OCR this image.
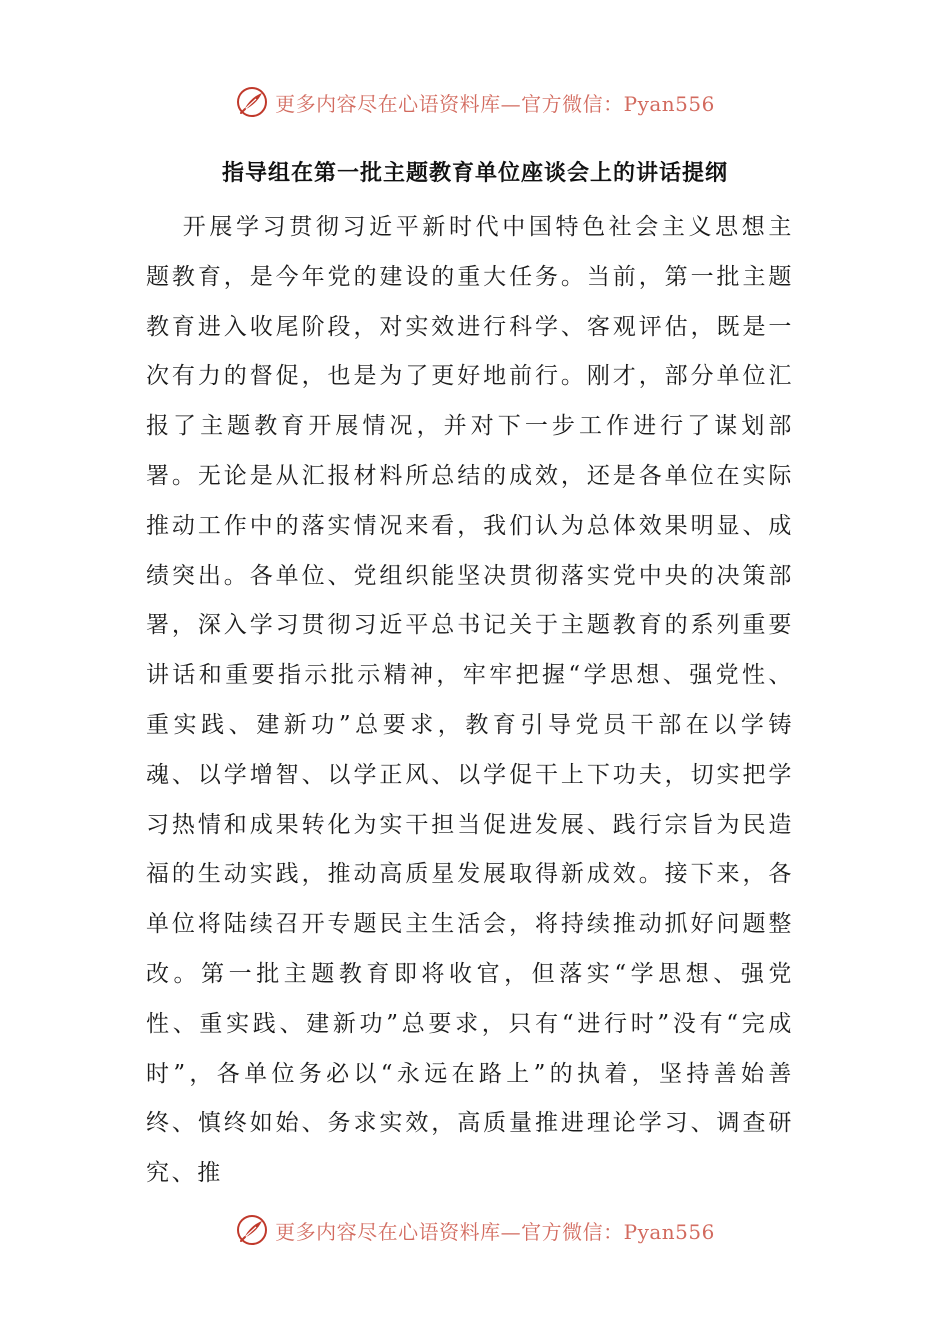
更多内容尽在心语资料库—官方微信：Pyan556
指导组在第一批主题教育单位座谈会上的讲话提纲

开展学习贯彻习近平新时代中国特色社会主义思想主题教育，是今年党的建设的重大任务。当前，第一批主题教育进入收尾阶段，对实效进行科学、客观评估，既是一次有力的督促，也是为了更好地前行。刚才，部分单位汇报了主题教育开展情况，并对下一步工作进行了谋划部署。无论是从汇报材料所总结的成效，还是各单位在实际推动工作中的落实情况来看，我们认为总体效果明显、成绩突出。各单位、党组织能坚决贯彻落实党中央的决策部署，深入学习贯彻习近平总书记关于主题教育的系列重要讲话和重要指示批示精神，牢牢把握“学思想、强党性、重实践、建新功”总要求，教育引导党员干部在以学铸魂、以学增智、以学正风、以学促干上下功夫，切实把学习热情和成果转化为实干担当促进发展、践行宗旨为民造福的生动实践，推动高质星发展取得新成效。接下来，各单位将陆续召开专题民主生活会，将持续推动抓好问题整改。第一批主题教育即将收官，但落实“学思想、强党性、重实践、建新功”总要求，只有“进行时”没有“完成时”，各单位务必以“永远在路上”的执着，坚持善始善终、慎终如始、务求实效，高质量推进理论学习、调查研究、推

更多内容尽在心语资料库—官方微信：Pyan556
